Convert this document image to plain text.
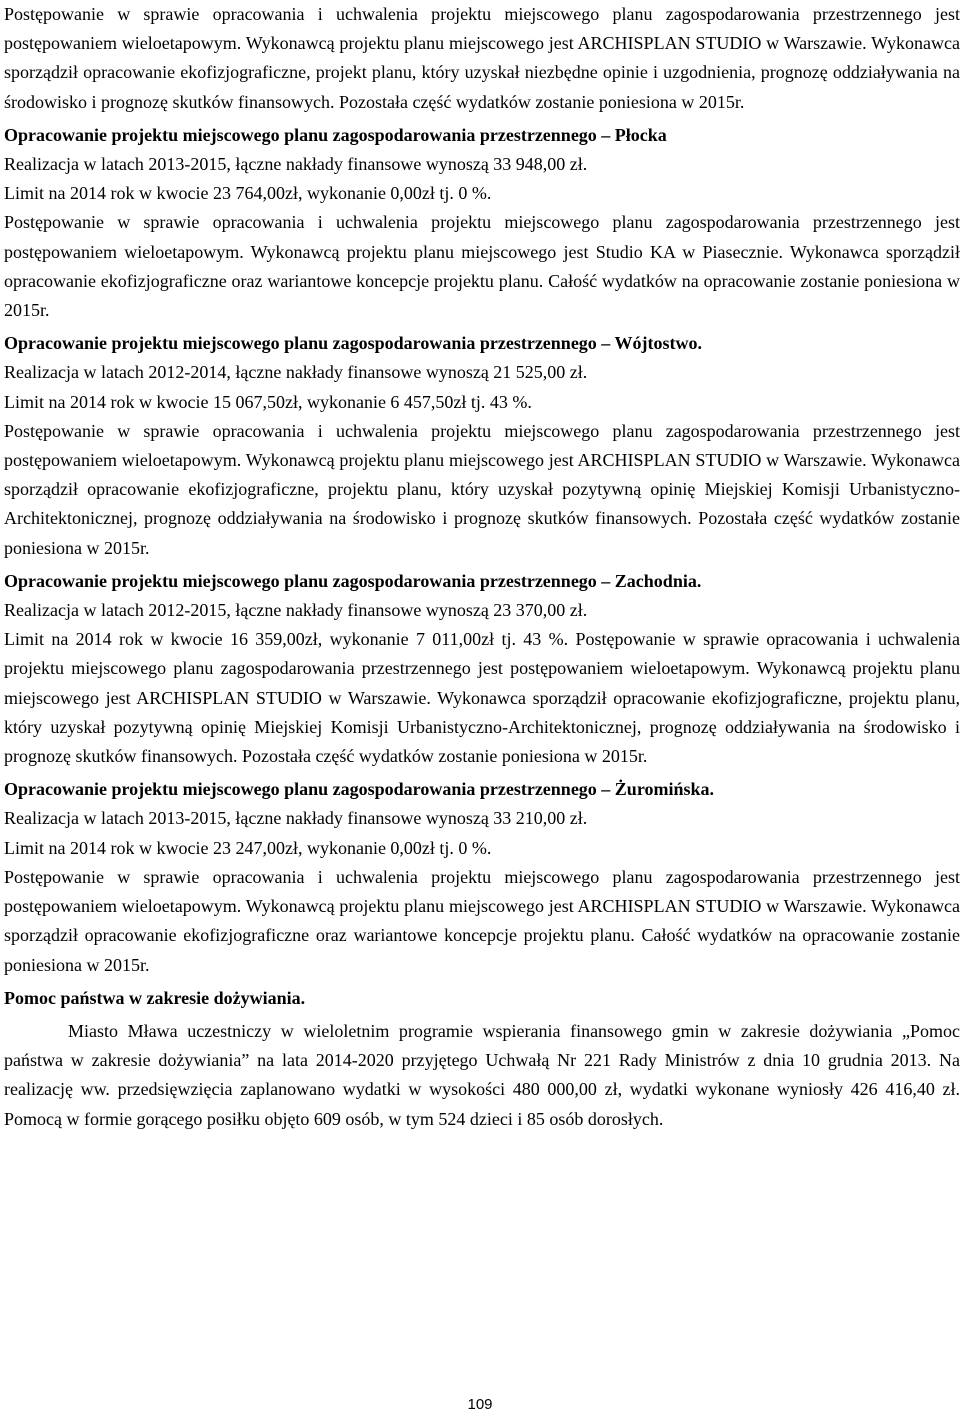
Postępowanie w sprawie opracowania i uchwalenia projektu miejscowego planu zagospodarowania przestrzennego jest postępowaniem wieloetapowym. Wykonawcą projektu planu miejscowego jest ARCHISPLAN STUDIO w Warszawie. Wykonawca sporządził opracowanie ekofizjograficzne, projekt planu, który uzyskał niezbędne opinie i uzgodnienia, prognozę oddziaływania na środowisko i prognozę skutków finansowych. Pozostała część wydatków zostanie poniesiona w 2015r.

Opracowanie projektu miejscowego planu zagospodarowania przestrzennego – Płocka

Realizacja w latach 2013-2015, łączne nakłady finansowe wynoszą 33 948,00 zł.

Limit na 2014 rok w kwocie 23 764,00zł, wykonanie 0,00zł tj. 0 %.

Postępowanie w sprawie opracowania i uchwalenia projektu miejscowego planu zagospodarowania przestrzennego jest postępowaniem wieloetapowym. Wykonawcą projektu planu miejscowego jest Studio KA w Piasecznie. Wykonawca sporządził opracowanie ekofizjograficzne oraz wariantowe koncepcje projektu planu. Całość wydatków na opracowanie zostanie poniesiona w 2015r.

Opracowanie projektu miejscowego planu zagospodarowania przestrzennego – Wójtostwo.

Realizacja w latach 2012-2014, łączne nakłady finansowe wynoszą 21 525,00 zł.

Limit na 2014 rok w kwocie 15 067,50zł, wykonanie 6 457,50zł tj. 43 %.

Postępowanie w sprawie opracowania i uchwalenia projektu miejscowego planu zagospodarowania przestrzennego jest postępowaniem wieloetapowym. Wykonawcą projektu planu miejscowego jest ARCHISPLAN STUDIO w Warszawie. Wykonawca sporządził opracowanie ekofizjograficzne, projektu planu, który uzyskał pozytywną opinię Miejskiej Komisji Urbanistyczno-Architektonicznej, prognozę oddziaływania na środowisko i prognozę skutków finansowych. Pozostała część wydatków zostanie poniesiona w 2015r.

Opracowanie projektu miejscowego planu zagospodarowania przestrzennego – Zachodnia.

Realizacja w latach 2012-2015, łączne nakłady finansowe wynoszą 23 370,00 zł.

Limit na 2014 rok w kwocie 16 359,00zł, wykonanie 7 011,00zł tj. 43 %. Postępowanie w sprawie opracowania i uchwalenia projektu miejscowego planu zagospodarowania przestrzennego jest postępowaniem wieloetapowym. Wykonawcą projektu planu miejscowego jest ARCHISPLAN STUDIO w Warszawie. Wykonawca sporządził opracowanie ekofizjograficzne, projektu planu, który uzyskał pozytywną opinię Miejskiej Komisji Urbanistyczno-Architektonicznej, prognozę oddziaływania na środowisko i prognozę skutków finansowych. Pozostała część wydatków zostanie poniesiona w 2015r.

Opracowanie projektu miejscowego planu zagospodarowania przestrzennego – Żuromińska.

Realizacja w latach 2013-2015, łączne nakłady finansowe wynoszą 33 210,00 zł.

Limit na 2014 rok w kwocie 23 247,00zł, wykonanie 0,00zł tj. 0 %.

Postępowanie w sprawie opracowania i uchwalenia projektu miejscowego planu zagospodarowania przestrzennego jest postępowaniem wieloetapowym. Wykonawcą projektu planu miejscowego jest ARCHISPLAN STUDIO w Warszawie. Wykonawca sporządził opracowanie ekofizjograficzne oraz wariantowe koncepcje projektu planu. Całość wydatków na opracowanie zostanie poniesiona w 2015r.

Pomoc państwa w zakresie dożywiania.

Miasto Mława uczestniczy w wieloletnim programie wspierania finansowego gmin w zakresie dożywiania „Pomoc państwa w zakresie dożywiania” na lata 2014-2020 przyjętego Uchwałą Nr 221 Rady Ministrów z dnia 10 grudnia 2013. Na realizację ww. przedsięwzięcia zaplanowano wydatki w wysokości 480 000,00 zł, wydatki wykonane wyniosły 426 416,40 zł. Pomocą w formie gorącego posiłku objęto 609 osób, w tym 524 dzieci i 85 osób dorosłych.

109
